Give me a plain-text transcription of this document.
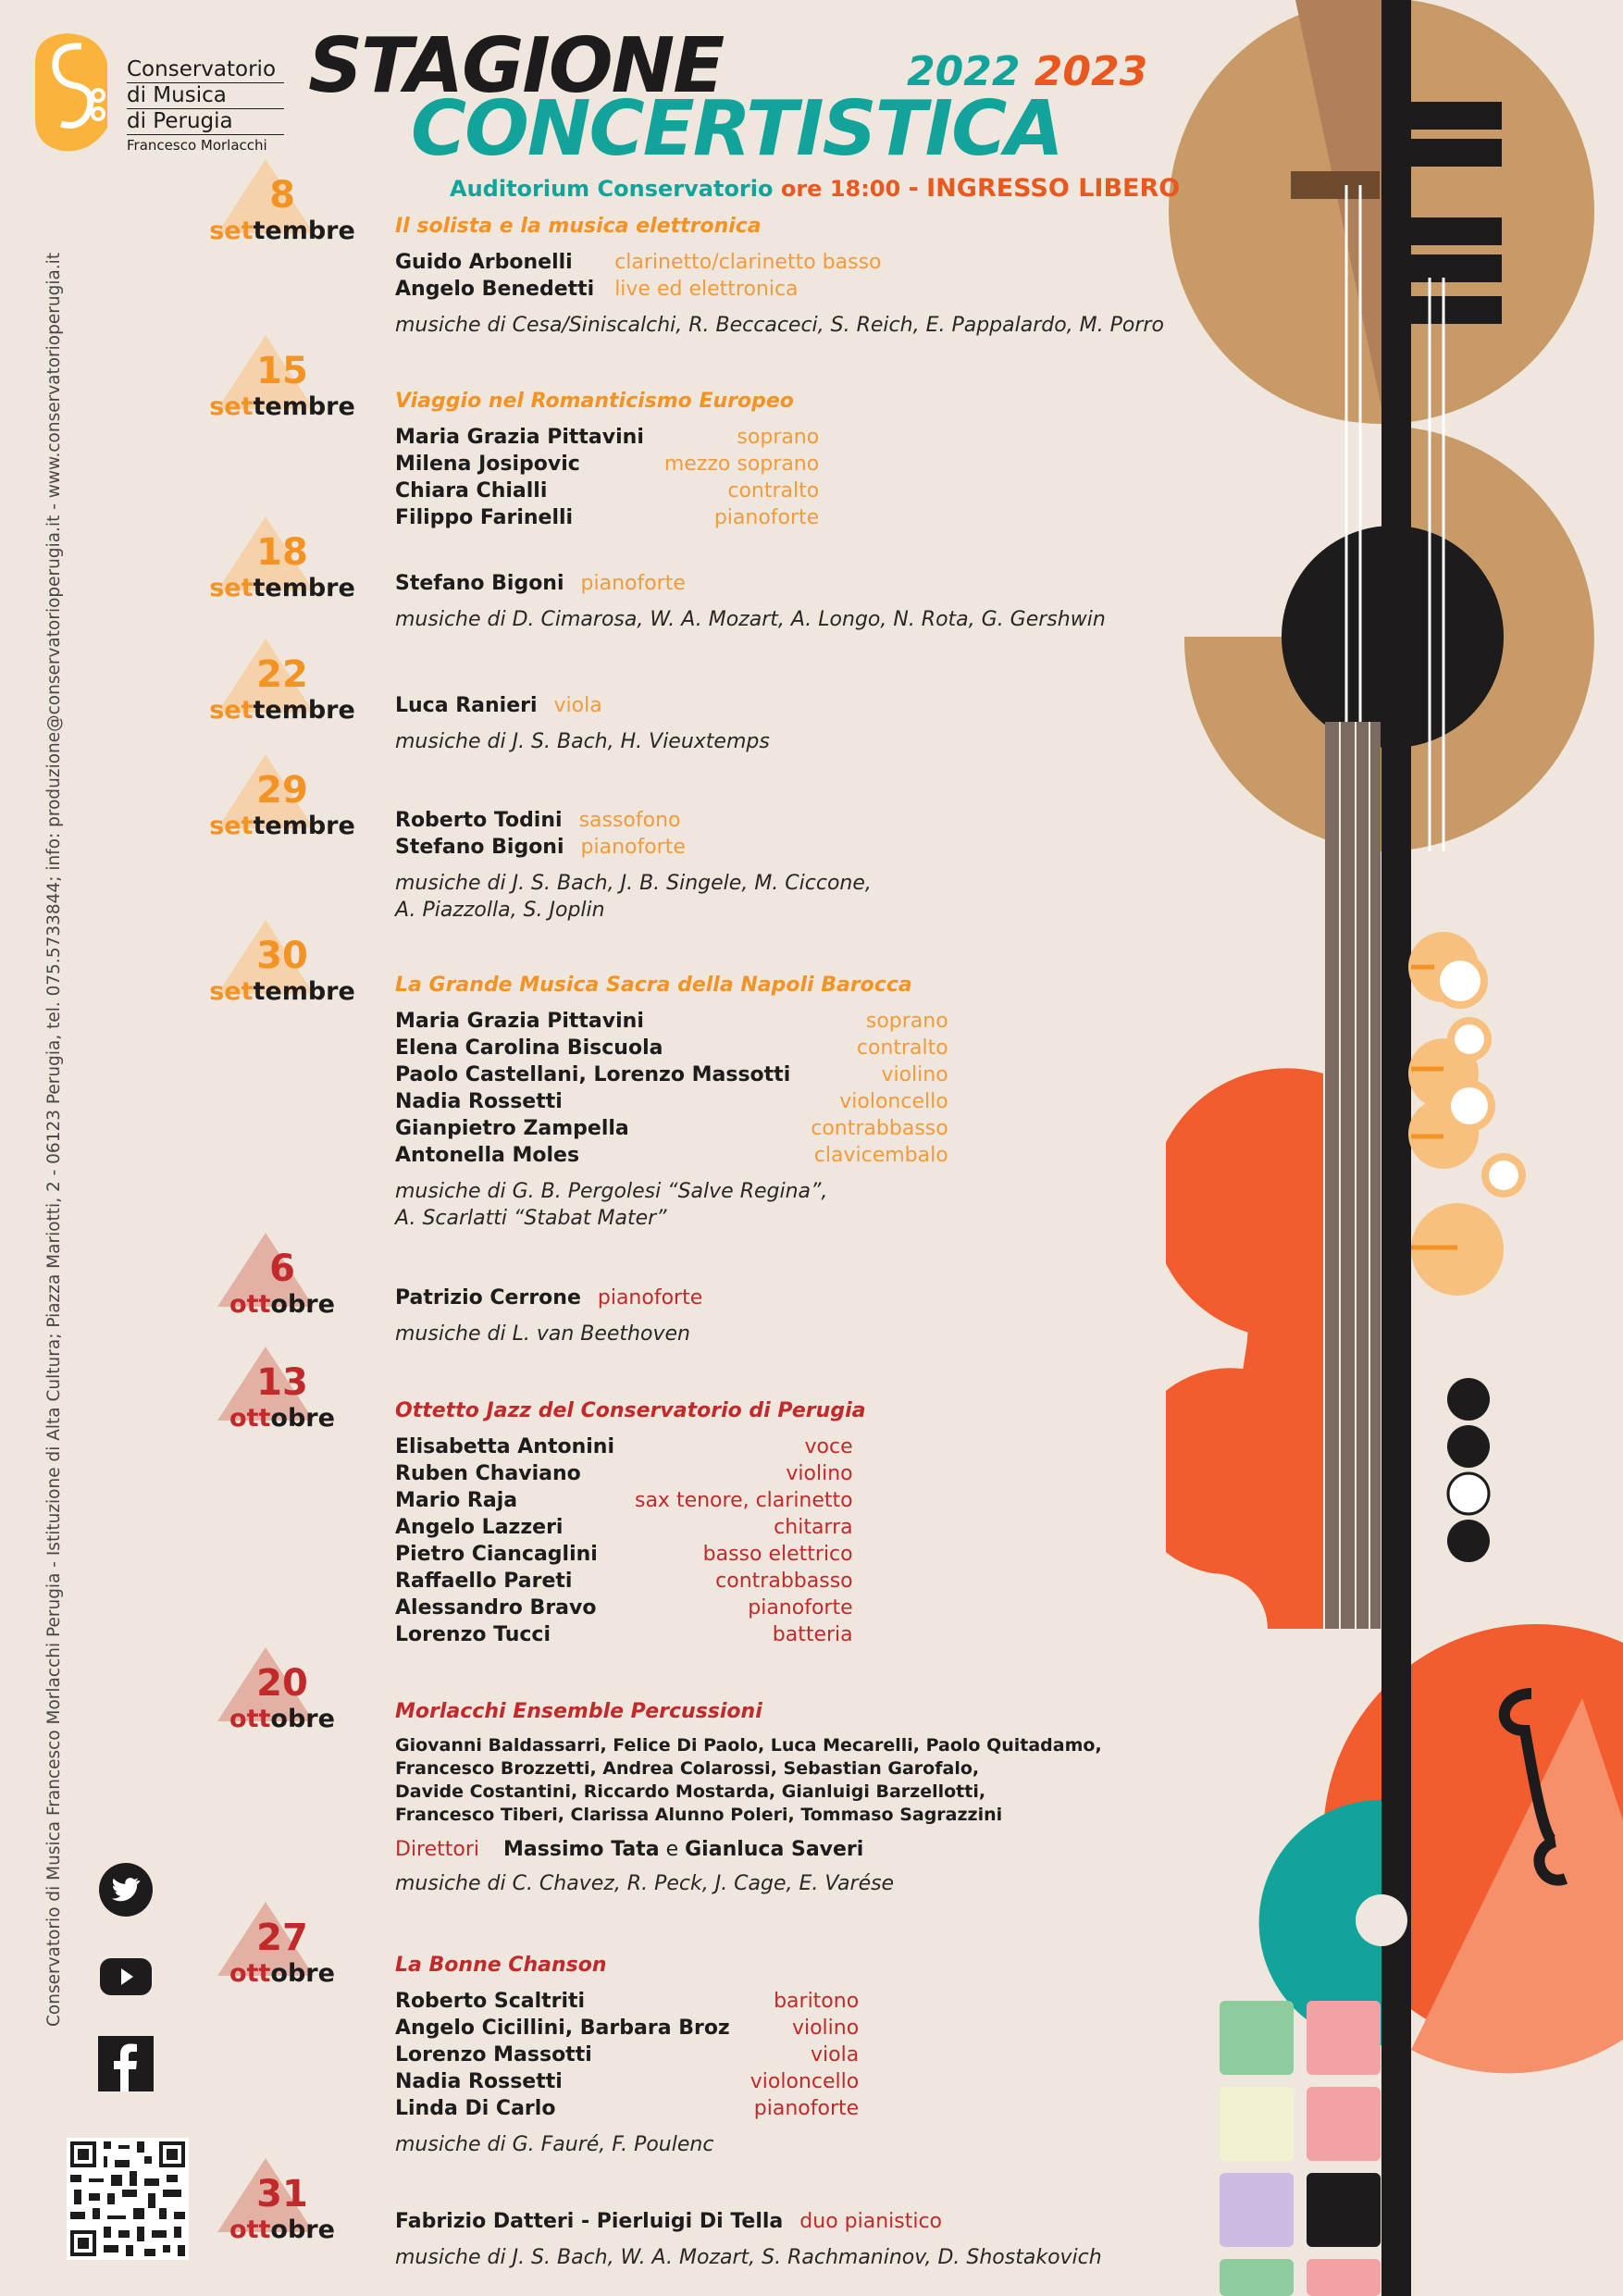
Conservatorio
di Musica
di Perugia
Francesco Morlacchi
STAGIONE
CONCERTISTICA
2022 2023
Auditorium Conservatorio ore 18:00 - INGRESSO LIBERO
8
settembre
15
settembre
18
settembre
22
settembre
29
settembre
30
settembre
6
ottobre
13
ottobre
20
ottobre
27
ottobre
31
ottobre
Il solista e la musica elettronica
Guido Arbonelli	clarinetto/clarinetto basso
Angelo Benedetti live ed elettronica
musiche di Cesa/Siniscalchi, R. Beccaceci, S. Reich, E. Pappalardo, M. Porro
Viaggio nel Romanticismo Europeo
Maria Grazia Pittavini	soprano
Milena Josipovic	mezzo soprano
Chiara Chialli	contralto
Filippo Farinelli	pianoforte
Stefano Bigoni pianoforte
musiche di D. Cimarosa, W. A. Mozart, A. Longo, N. Rota, G. Gershwin
Luca Ranieri viola
musiche di J. S. Bach, H. Vieuxtemps
Roberto Todini sassofono
Stefano Bigoni pianoforte
musiche di J. S. Bach, J. B. Singele, M. Ciccone,
A. Piazzolla, S. Joplin
La Grande Musica Sacra della Napoli Barocca
Maria Grazia Pittavini	soprano
Elena Carolina Biscuola	contralto
Paolo Castellani, Lorenzo Massotti	violino
Nadia Rossetti	violoncello
Gianpietro Zampella	contrabbasso
Antonella Moles	clavicembalo
musiche di G. B. Pergolesi “Salve Regina”,
A. Scarlatti “Stabat Mater”
Patrizio Cerrone pianoforte
musiche di L. van Beethoven
Ottetto Jazz del Conservatorio di Perugia
Elisabetta Antonini	voce
Ruben Chaviano	violino
Mario Raja	sax tenore, clarinetto
Angelo Lazzeri	chitarra
Pietro Ciancaglini	basso elettrico
Raffaello Pareti	contrabbasso
Alessandro Bravo	pianoforte
Lorenzo Tucci	batteria
Morlacchi Ensemble Percussioni
Giovanni Baldassarri, Felice Di Paolo, Luca Mecarelli, Paolo Quitadamo,
Francesco Brozzetti, Andrea Colarossi, Sebastian Garofalo,
Davide Costantini, Riccardo Mostarda, Gianluigi Barzellotti,
Francesco Tiberi, Clarissa Alunno Poleri, Tommaso Sagrazzini
Direttori Massimo Tata e Gianluca Saveri
musiche di C. Chavez, R. Peck, J. Cage, E. Varése
La Bonne Chanson
Roberto Scaltriti	baritono
Angelo Cicillini, Barbara Broz	violino
Lorenzo Massotti	viola
Nadia Rossetti	violoncello
Linda Di Carlo	pianoforte
musiche di G. Fauré, F. Poulenc
Fabrizio Datteri - Pierluigi Di Tella duo pianistico
musiche di J. S. Bach, W. A. Mozart, S. Rachmaninov, D. Shostakovich
Conservatorio di Musica Francesco Morlacchi Perugia - Istituzione di Alta Cultura; Piazza Mariotti, 2 - 06123 Perugia, tel. 075.5733844; info: produzione@conservatorioperugia.it - www.conservatorioperugia.it
